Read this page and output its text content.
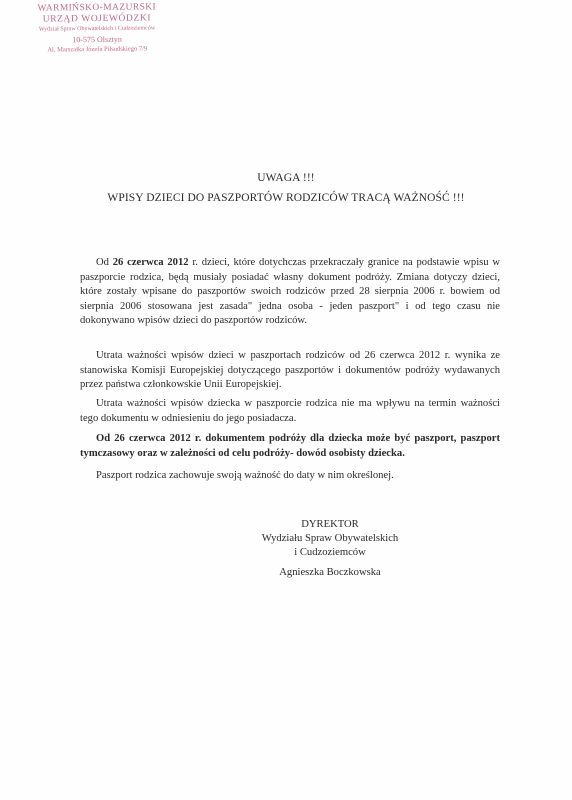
WARMIŃSKO-MAZURSKI
URZĄD WOJEWÓDZKI
Wydział Spraw Obywatelskich i Cudzoziemców
10-575 Olsztyn
Al. Marszałka Józefa Piłsudskiego 7/9
UWAGA !!!
WPISY DZIECI DO PASZPORTÓW RODZICÓW TRACĄ WAŻNOŚĆ !!!

Od 26 czerwca 2012 r. dzieci, które dotychczas przekraczały granice na podstawie wpisu w paszporcie rodzica, będą musiały posiadać własny dokument podróży. Zmiana dotyczy dzieci, które zostały wpisane do paszportów swoich rodziców przed 28 sierpnia 2006 r. bowiem od sierpnia 2006 stosowana jest zasada" jedna osoba - jeden paszport" i od tego czasu nie dokonywano wpisów dzieci do paszportów rodziców.

Utrata ważności wpisów dzieci w paszportach rodziców od 26 czerwca 2012 r. wynika ze stanowiska Komisji Europejskiej dotyczącego paszportów i dokumentów podróży wydawanych przez państwa członkowskie Unii Europejskiej.

Utrata ważności wpisów dziecka w paszporcie rodzica nie ma wpływu na termin ważności tego dokumentu w odniesieniu do jego posiadacza.

Od 26 czerwca 2012 r. dokumentem podróży dla dziecka może być paszport, paszport tymczasowy oraz w zależności od celu podróży- dowód osobisty dziecka.

Paszport rodzica zachowuje swoją ważność do daty w nim określonej.

DYREKTOR
Wydziału Spraw Obywatelskich
i Cudzoziemców
Agnieszka Boczkowska
